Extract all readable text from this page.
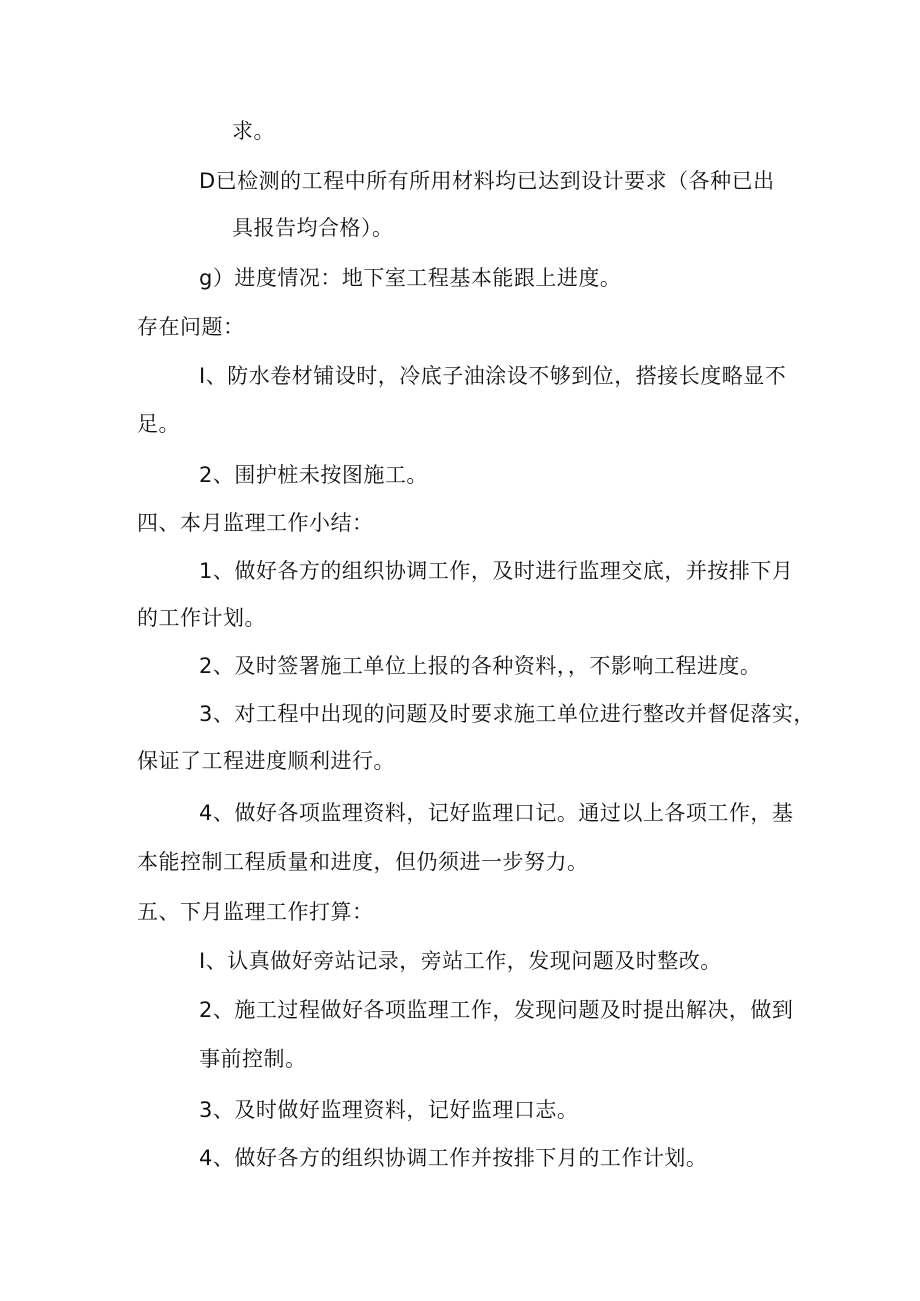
求。
D已检测的工程中所有所用材料均已达到设计要求（各种已出
具报告均合格）。
g）进度情况：地下室工程基本能跟上进度。
存在问题：
I、防水卷材铺设时，冷底子油涂设不够到位，搭接长度略显不
足。
2、围护桩未按图施工。
四、本月监理工作小结：
1、做好各方的组织协调工作，及时进行监理交底，并按排下月
的工作计划。
2、及时签署施工单位上报的各种资料，，不影响工程进度。
3、对工程中出现的问题及时要求施工单位进行整改并督促落实，
保证了工程进度顺利进行。
4、做好各项监理资料，记好监理口记。通过以上各项工作，基
本能控制工程质量和进度，但仍须进一步努力。
五、下月监理工作打算：
I、认真做好旁站记录，旁站工作，发现问题及时整改。
2、施工过程做好各项监理工作，发现问题及时提出解决，做到
事前控制。
3、及时做好监理资料，记好监理口志。
4、做好各方的组织协调工作并按排下月的工作计划。
